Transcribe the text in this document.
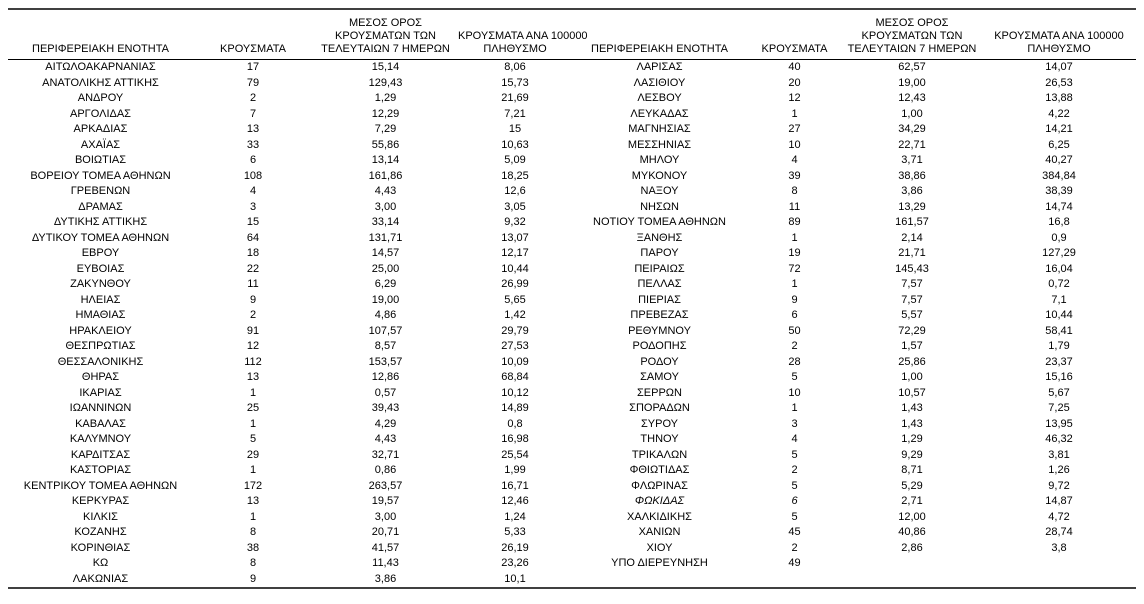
ΠΕΡΙΦΕΡΕΙΑΚΗ ΕΝΟΤΗΤΑ	ΚΡΟΥΣΜΑΤΑ	ΜΕΣΟΣ ΟΡΟΣ
ΚΡΟΥΣΜΑΤΩΝ ΤΩΝ
ΤΕΛΕΥΤΑΙΩΝ 7 ΗΜΕΡΩΝ	ΚΡΟΥΣΜΑΤΑ ΑΝΑ 100000
ΠΛΗΘΥΣΜΟ

ΑΙΤΩΛΟΑΚΑΡΝΑΝΙΑΣ	17	15,14	8,06
ΑΝΑΤΟΛΙΚΗΣ ΑΤΤΙΚΗΣ	79	129,43	15,73
ΑΝΔΡΟΥ	2	1,29	21,69
ΑΡΓΟΛΙΔΑΣ	7	12,29	7,21
ΑΡΚΑΔΙΑΣ	13	7,29	15
ΑΧΑΪΑΣ	33	55,86	10,63
ΒΟΙΩΤΙΑΣ	6	13,14	5,09
ΒΟΡΕΙΟΥ ΤΟΜΕΑ ΑΘΗΝΩΝ	108	161,86	18,25
ΓΡΕΒΕΝΩΝ	4	4,43	12,6
ΔΡΑΜΑΣ	3	3,00	3,05
ΔΥΤΙΚΗΣ ΑΤΤΙΚΗΣ	15	33,14	9,32
ΔΥΤΙΚΟΥ ΤΟΜΕΑ ΑΘΗΝΩΝ	64	131,71	13,07
ΕΒΡΟΥ	18	14,57	12,17
ΕΥΒΟΙΑΣ	22	25,00	10,44
ΖΑΚΥΝΘΟΥ	11	6,29	26,99
ΗΛΕΙΑΣ	9	19,00	5,65
ΗΜΑΘΙΑΣ	2	4,86	1,42
ΗΡΑΚΛΕΙΟΥ	91	107,57	29,79
ΘΕΣΠΡΩΤΙΑΣ	12	8,57	27,53
ΘΕΣΣΑΛΟΝΙΚΗΣ	112	153,57	10,09
ΘΗΡΑΣ	13	12,86	68,84
ΙΚΑΡΙΑΣ	1	0,57	10,12
ΙΩΑΝΝΙΝΩΝ	25	39,43	14,89
ΚΑΒΑΛΑΣ	1	4,29	0,8
ΚΑΛΥΜΝΟΥ	5	4,43	16,98
ΚΑΡΔΙΤΣΑΣ	29	32,71	25,54
ΚΑΣΤΟΡΙΑΣ	1	0,86	1,99
ΚΕΝΤΡΙΚΟΥ ΤΟΜΕΑ ΑΘΗΝΩΝ	172	263,57	16,71
ΚΕΡΚΥΡΑΣ	13	19,57	12,46
ΚΙΛΚΙΣ	1	3,00	1,24
ΚΟΖΑΝΗΣ	8	20,71	5,33
ΚΟΡΙΝΘΙΑΣ	38	41,57	26,19
ΚΩ	8	11,43	23,26
ΛΑΚΩΝΙΑΣ	9	3,86	10,1
ΠΕΡΙΦΕΡΕΙΑΚΗ ΕΝΟΤΗΤΑ	ΚΡΟΥΣΜΑΤΑ	ΜΕΣΟΣ ΟΡΟΣ
ΚΡΟΥΣΜΑΤΩΝ ΤΩΝ
ΤΕΛΕΥΤΑΙΩΝ 7 ΗΜΕΡΩΝ	ΚΡΟΥΣΜΑΤΑ ΑΝΑ 100000
ΠΛΗΘΥΣΜΟ

ΛΑΡΙΣΑΣ	40	62,57	14,07
ΛΑΣΙΘΙΟΥ	20	19,00	26,53
ΛΕΣΒΟΥ	12	12,43	13,88
ΛΕΥΚΑΔΑΣ	1	1,00	4,22
ΜΑΓΝΗΣΙΑΣ	27	34,29	14,21
ΜΕΣΣΗΝΙΑΣ	10	22,71	6,25
ΜΗΛΟΥ	4	3,71	40,27
ΜΥΚΟΝΟΥ	39	38,86	384,84
ΝΑΞΟΥ	8	3,86	38,39
ΝΗΣΩΝ	11	13,29	14,74
ΝΟΤΙΟΥ ΤΟΜΕΑ ΑΘΗΝΩΝ	89	161,57	16,8
ΞΑΝΘΗΣ	1	2,14	0,9
ΠΑΡΟΥ	19	21,71	127,29
ΠΕΙΡΑΙΩΣ	72	145,43	16,04
ΠΕΛΛΑΣ	1	7,57	0,72
ΠΙΕΡΙΑΣ	9	7,57	7,1
ΠΡΕΒΕΖΑΣ	6	5,57	10,44
ΡΕΘΥΜΝΟΥ	50	72,29	58,41
ΡΟΔΟΠΗΣ	2	1,57	1,79
ΡΟΔΟΥ	28	25,86	23,37
ΣΑΜΟΥ	5	1,00	15,16
ΣΕΡΡΩΝ	10	10,57	5,67
ΣΠΟΡΑΔΩΝ	1	1,43	7,25
ΣΥΡΟΥ	3	1,43	13,95
ΤΗΝΟΥ	4	1,29	46,32
ΤΡΙΚΑΛΩΝ	5	9,29	3,81
ΦΘΙΩΤΙΔΑΣ	2	8,71	1,26
ΦΛΩΡΙΝΑΣ	5	5,29	9,72
ΦΩΚΙΔΑΣ	6	2,71	14,87
ΧΑΛΚΙΔΙΚΗΣ	5	12,00	4,72
ΧΑΝΙΩΝ	45	40,86	28,74
ΧΙΟΥ	2	2,86	3,8
ΥΠΟ ΔΙΕΡΕΥΝΗΣΗ	49		
